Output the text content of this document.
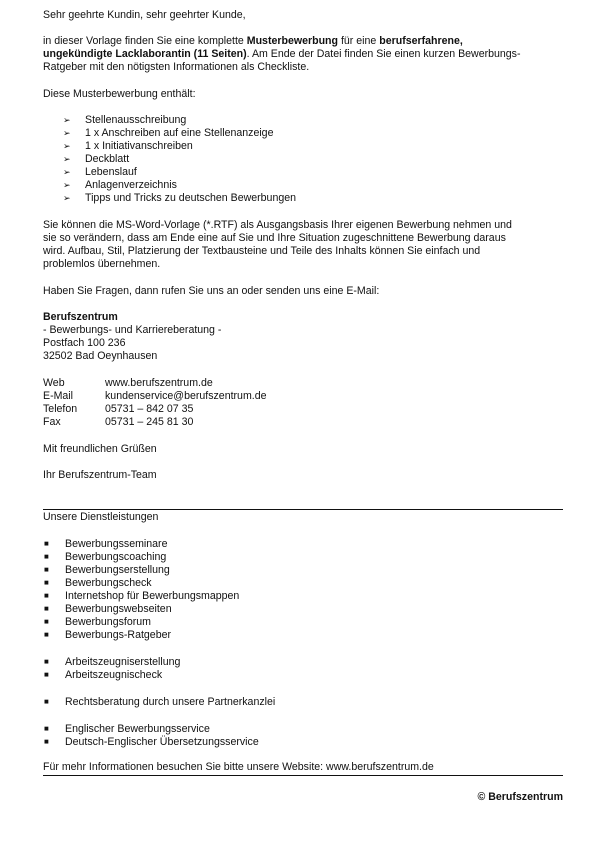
Sehr geehrte Kundin, sehr geehrter Kunde,
in dieser Vorlage finden Sie eine komplette Musterbewerbung für eine berufserfahrene,
ungekündigte Lacklaborantin (11 Seiten). Am Ende der Datei finden Sie einen kurzen Bewerbungs-
Ratgeber mit den nötigsten Informationen als Checkliste.
Diese Musterbewerbung enthält:
➢ Stellenausschreibung
➢ 1 x Anschreiben auf eine Stellenanzeige
➢ 1 x Initiativanschreiben
➢ Deckblatt
➢ Lebenslauf
➢ Anlagenverzeichnis
➢ Tipps und Tricks zu deutschen Bewerbungen
Sie können die MS-Word-Vorlage (*.RTF) als Ausgangsbasis Ihrer eigenen Bewerbung nehmen und
sie so verändern, dass am Ende eine auf Sie und Ihre Situation zugeschnittene Bewerbung daraus
wird. Aufbau, Stil, Platzierung der Textbausteine und Teile des Inhalts können Sie einfach und
problemlos übernehmen.
Haben Sie Fragen, dann rufen Sie uns an oder senden uns eine E-Mail:
Berufszentrum
- Bewerbungs- und Karriereberatung -
Postfach 100 236
32502 Bad Oeynhausen
Web	www.berufszentrum.de
E-Mail	kundenservice@berufszentrum.de
Telefon	05731 – 842 07 35
Fax	05731 – 245 81 30
Mit freundlichen Grüßen
Ihr Berufszentrum-Team
Unsere Dienstleistungen
■ Bewerbungsseminare
■ Bewerbungscoaching
■ Bewerbungserstellung
■ Bewerbungscheck
■ Internetshop für Bewerbungsmappen
■ Bewerbungswebseiten
■ Bewerbungsforum
■ Bewerbungs-Ratgeber
■ Arbeitszeugniserstellung
■ Arbeitszeugnischeck
■ Rechtsberatung durch unsere Partnerkanzlei
■ Englischer Bewerbungsservice
■ Deutsch-Englischer Übersetzungsservice
Für mehr Informationen besuchen Sie bitte unsere Website: www.berufszentrum.de
© Berufszentrum
